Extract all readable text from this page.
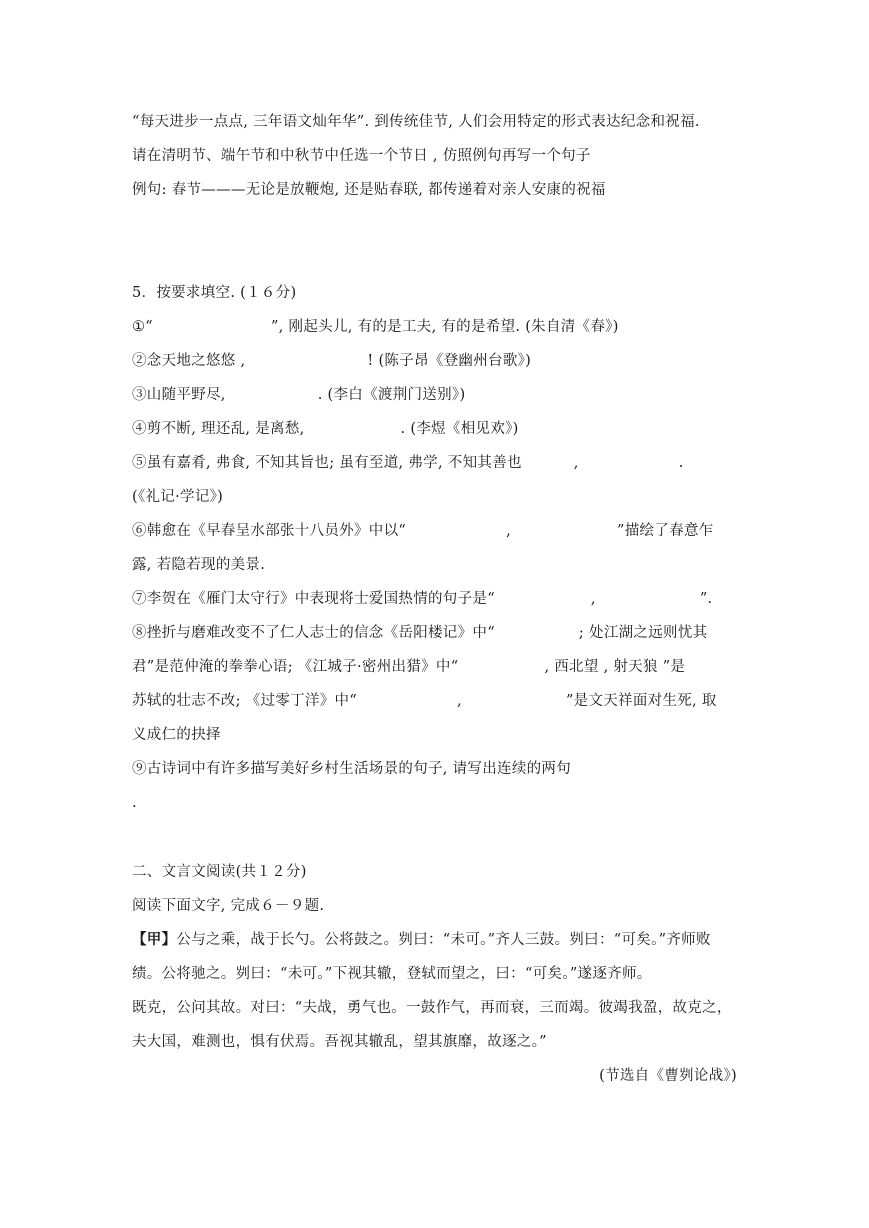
“每天进步一点点, 三年语文灿年华”. 到传统佳节, 人们会用特定的形式表达纪念和祝福.
请在清明节、端午节和中秋节中任选一个节日 , 仿照例句再写一个句子
例句: 春节———无论是放鞭炮, 还是贴春联, 都传递着对亲人安康的祝福
5．按要求填空. (１６分)
①“	”, 刚起头儿, 有的是工夫, 有的是希望. (朱自清《春》)
②念天地之悠悠 ,	! (陈子昂《登幽州台歌》)
③山随平野尽,	. (李白《渡荆门送别》)
④剪不断, 理还乱, 是离愁,	. (李煜《相见欢》)
⑤虽有嘉肴, 弗食, 不知其旨也; 虽有至道, 弗学, 不知其善也	,	.
(《礼记·学记》)
⑥韩愈在《早春呈水部张十八员外》中以“	,	”描绘了春意乍
露, 若隐若现的美景.
⑦李贺在《雁门太守行》中表现将士爱国热情的句子是“	,	”.
⑧挫折与磨难改变不了仁人志士的信念《岳阳楼记》中“	; 处江湖之远则忧其
君”是范仲淹的拳拳心语; 《江城子·密州出猎》中“	, 西北望 , 射天狼 ”是
苏轼的壮志不改; 《过零丁洋》中“	,	”是文天祥面对生死, 取
义成仁的抉择
⑨古诗词中有许多描写美好乡村生活场景的句子, 请写出连续的两句
.
二、文言文阅读(共１２分)
阅读下面文字, 完成６－９题.
【甲】公与之乘，战于长勺。公将鼓之。刿曰：“未可。”齐人三鼓。刿曰：“可矣。”齐师败
绩。公将驰之。刿曰：“未可。”下视其辙，登轼而望之，曰：“可矣。”遂逐齐师。
既克，公问其故。对曰：“夫战，勇气也。一鼓作气，再而衰，三而竭。彼竭我盈，故克之，
夫大国，难测也，惧有伏焉。吾视其辙乱，望其旗靡，故逐之。”
(节选自《曹刿论战》)
